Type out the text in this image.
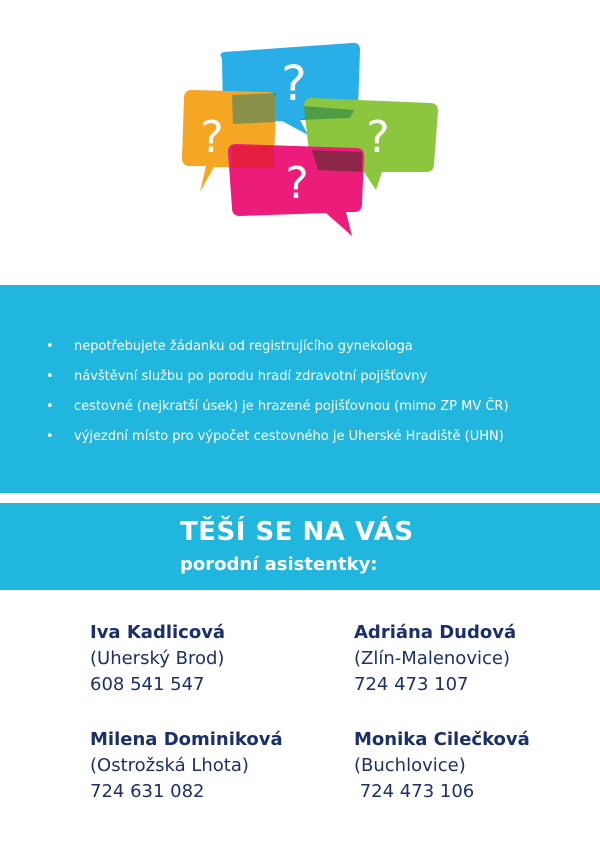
?
?	?
?
• nepotřebujete žádanku od registrujícího gynekologa
• návštěvní službu po porodu hradí zdravotní pojišťovny
• cestovné (nejkratší úsek) je hrazené pojišťovnou (mimo ZP MV ČR)
• výjezdní místo pro výpočet cestovného je Uherské Hradiště (UHN)
TĚŠÍ SE NA VÁS
porodní asistentky:
Iva Kadlicová
(Uherský Brod)
608 541 547
Adriána Dudová
(Zlín-Malenovice)
724 473 107
Milena Dominiková
(Ostrožská Lhota)
724 631 082
Monika Cilečková
(Buchlovice)
724 473 106
